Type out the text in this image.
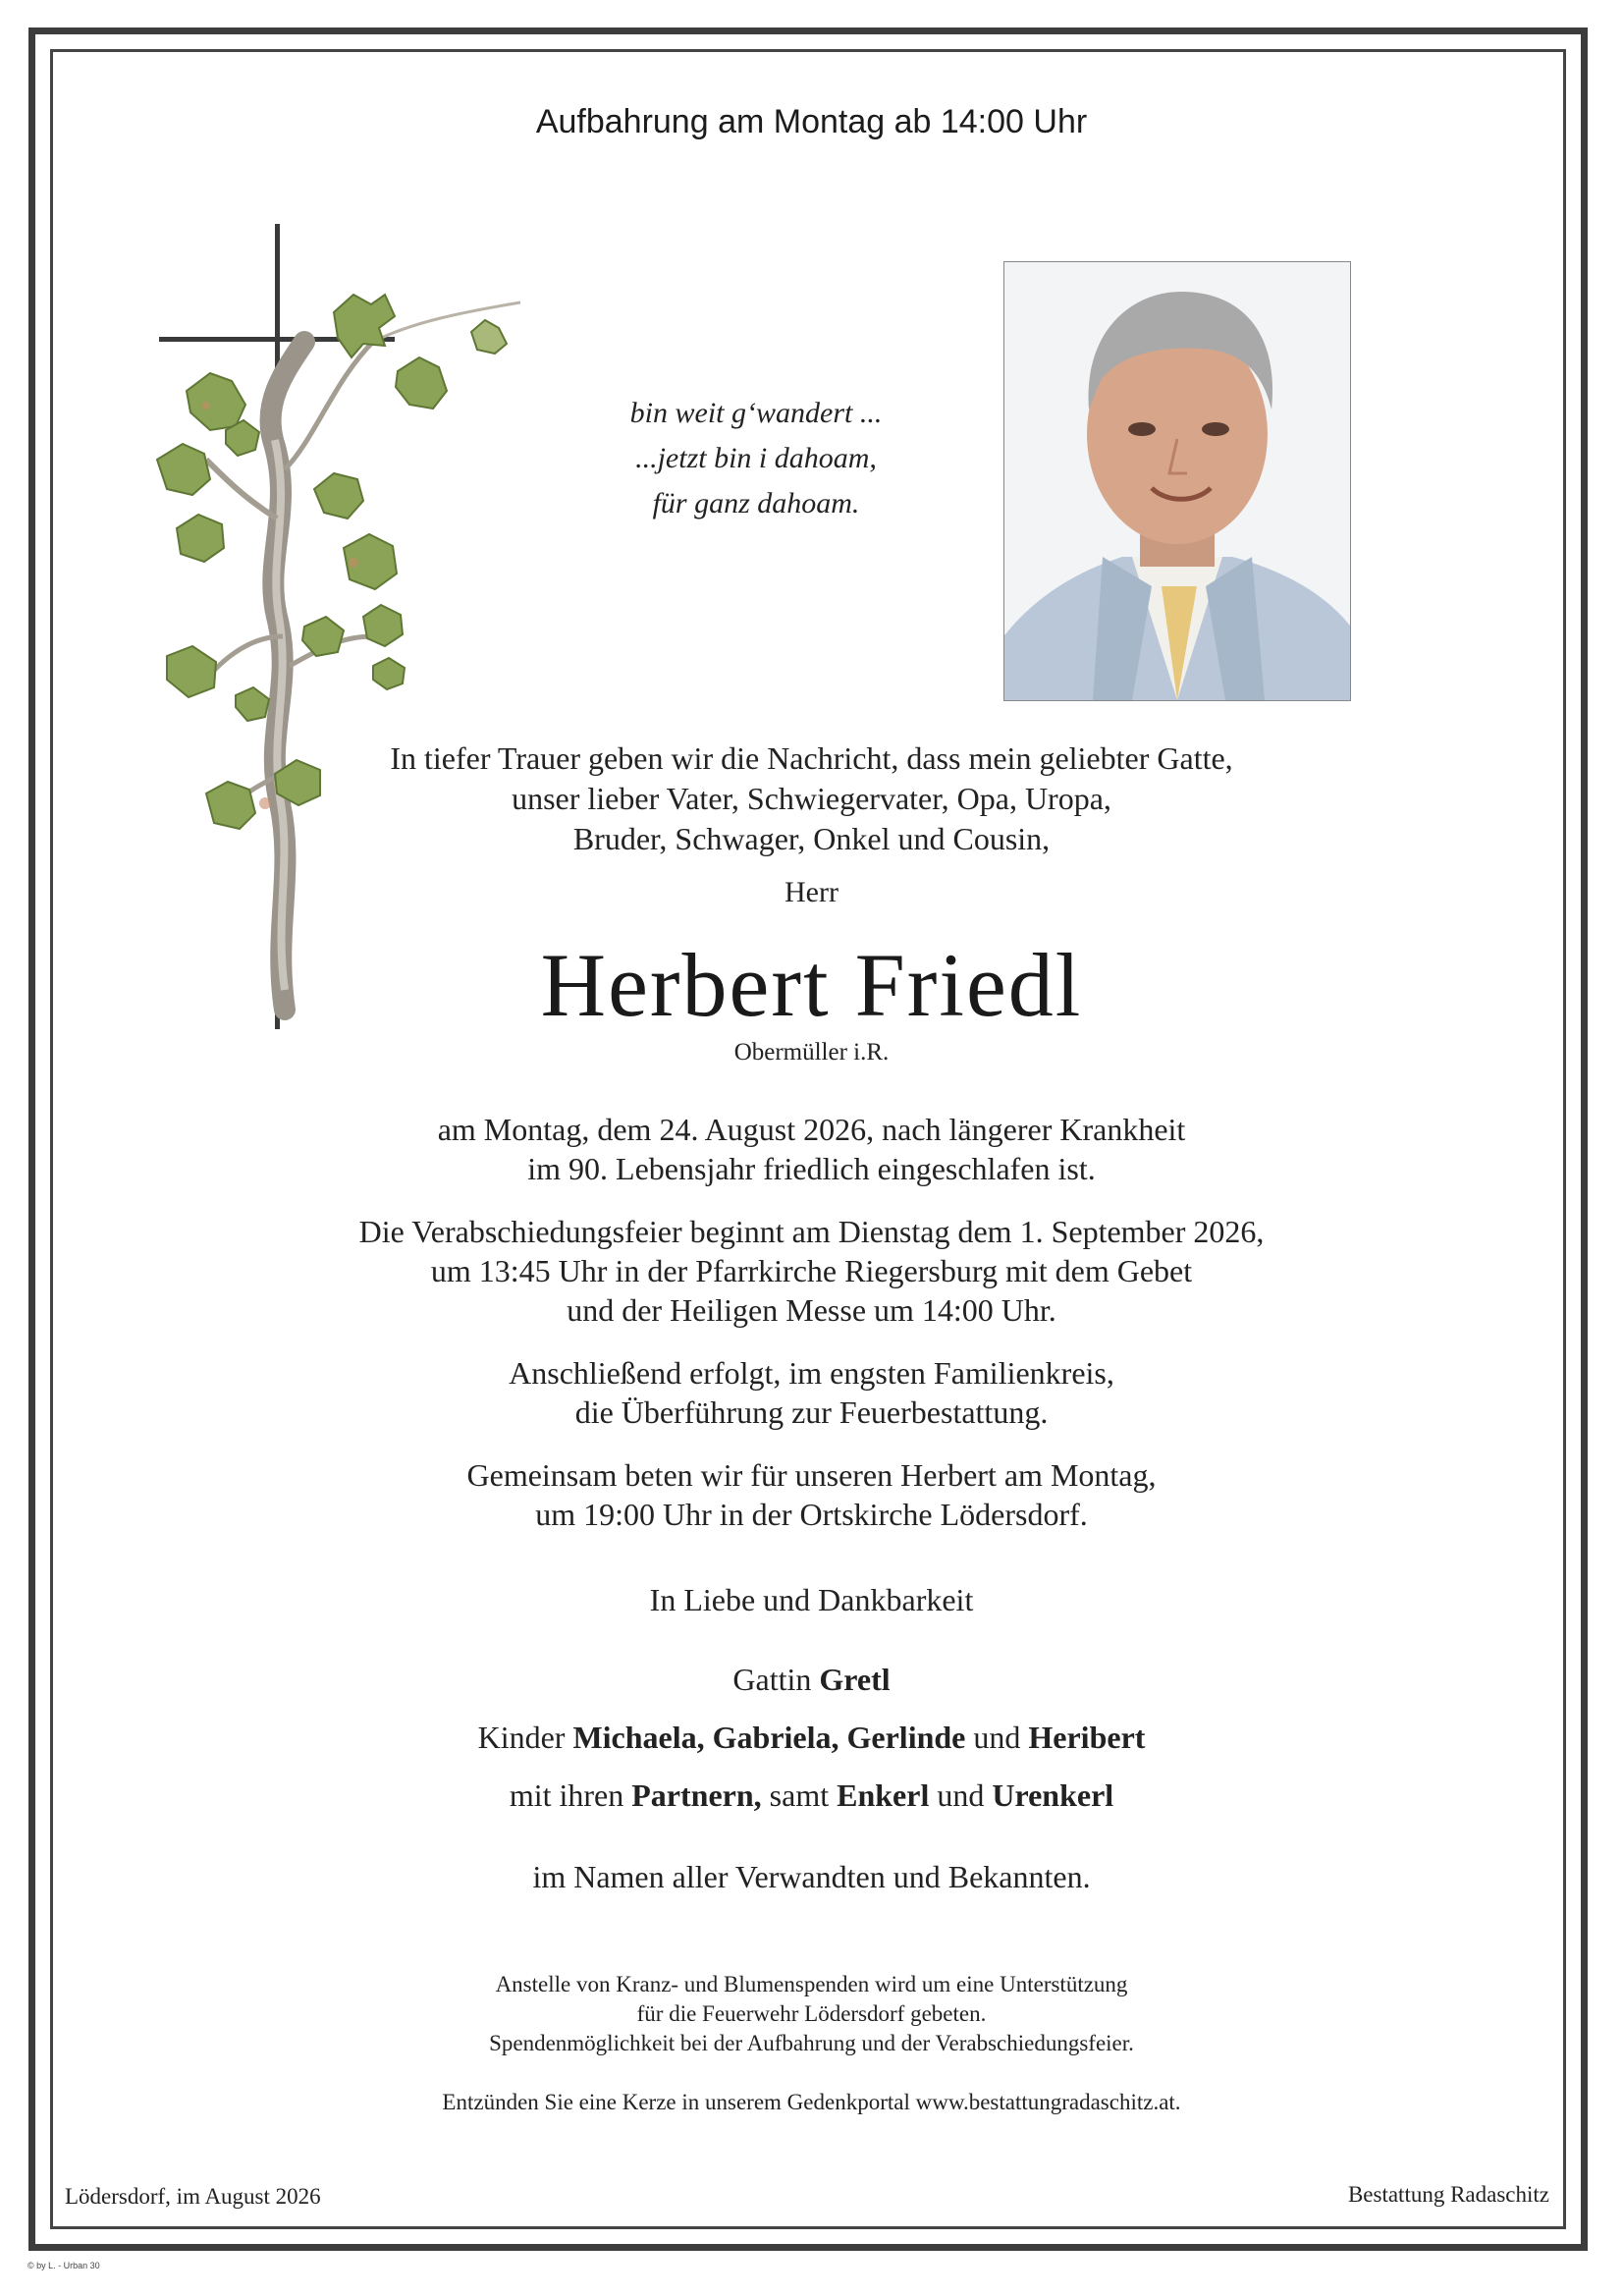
Aufbahrung am Montag ab 14:00 Uhr
bin weit g‘wandert ...
...jetzt bin i dahoam,
für ganz dahoam.
In tiefer Trauer geben wir die Nachricht, dass mein geliebter Gatte,
unser lieber Vater, Schwiegervater, Opa, Uropa,
Bruder, Schwager, Onkel und Cousin,
Herr
Herbert Friedl
Obermüller i.R.
am Montag, dem 24. August 2026, nach längerer Krankheit
im 90. Lebensjahr friedlich eingeschlafen ist.
Die Verabschiedungsfeier beginnt am Dienstag dem 1. September 2026,
um 13:45 Uhr in der Pfarrkirche Riegersburg mit dem Gebet
und der Heiligen Messe um 14:00 Uhr.
Anschließend erfolgt, im engsten Familienkreis,
die Überführung zur Feuerbestattung.
Gemeinsam beten wir für unseren Herbert am Montag,
um 19:00 Uhr in der Ortskirche Lödersdorf.
In Liebe und Dankbarkeit
Gattin Gretl
Kinder Michaela, Gabriela, Gerlinde und Heribert
mit ihren Partnern, samt Enkerl und Urenkerl
im Namen aller Verwandten und Bekannten.
Anstelle von Kranz- und Blumenspenden wird um eine Unterstützung
für die Feuerwehr Lödersdorf gebeten.
Spendenmöglichkeit bei der Aufbahrung und der Verabschiedungsfeier.
Entzünden Sie eine Kerze in unserem Gedenkportal www.bestattungradaschitz.at.
Lödersdorf, im August 2026	Bestattung Radaschitz
© by L. - Urban 30
